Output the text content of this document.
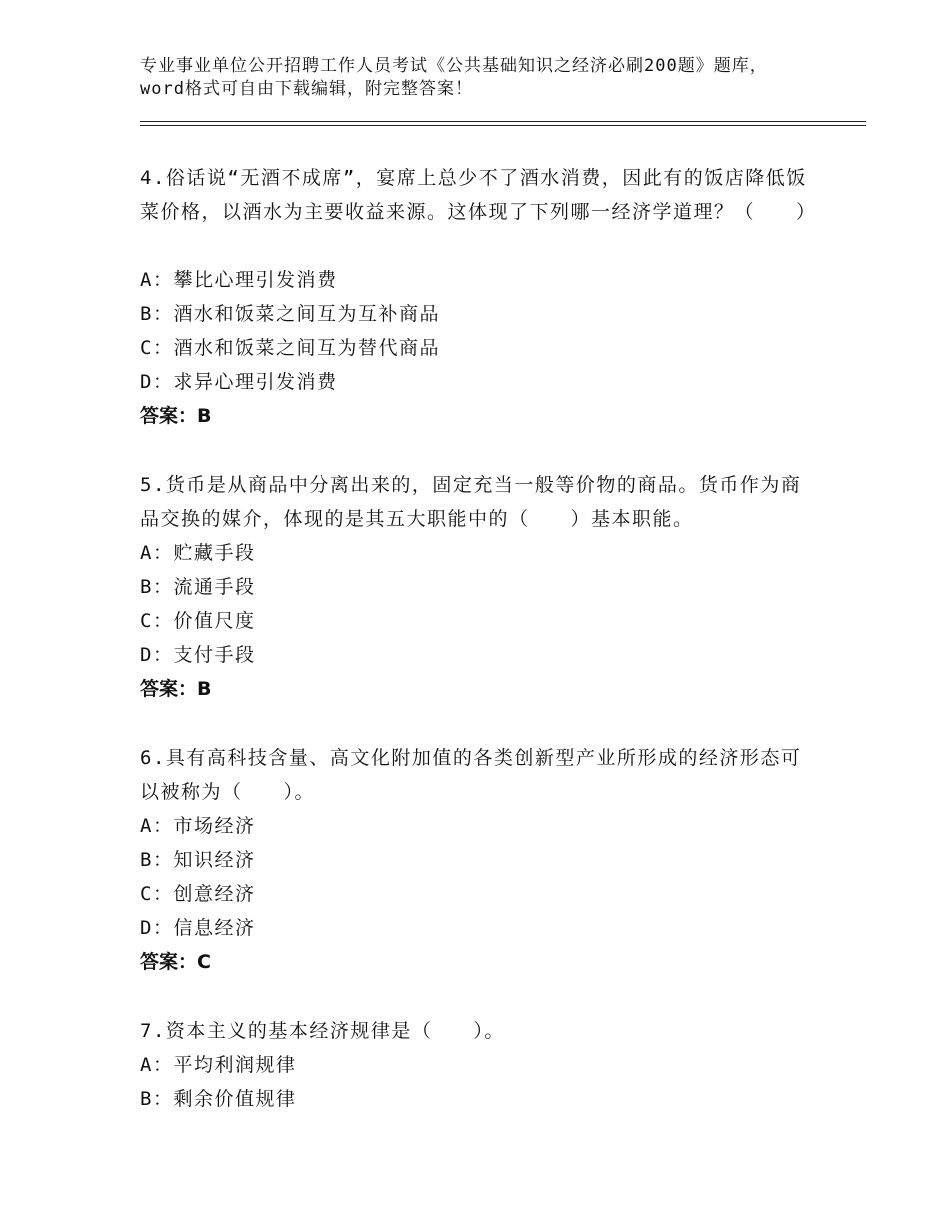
专业事业单位公开招聘工作人员考试《公共基础知识之经济必刷200题》题库，word格式可自由下载编辑，附完整答案！
4.俗话说“无酒不成席”，宴席上总少不了酒水消费，因此有的饭店降低饭菜价格，以酒水为主要收益来源。这体现了下列哪一经济学道理？（　　）
A：攀比心理引发消费
B：酒水和饭菜之间互为互补商品
C：酒水和饭菜之间互为替代商品
D：求异心理引发消费
答案：B
5.货币是从商品中分离出来的，固定充当一般等价物的商品。货币作为商品交换的媒介，体现的是其五大职能中的（　　）基本职能。
A：贮藏手段
B：流通手段
C：价值尺度
D：支付手段
答案：B
6.具有高科技含量、高文化附加值的各类创新型产业所形成的经济形态可以被称为（　　）。
A：市场经济
B：知识经济
C：创意经济
D：信息经济
答案：C
7.资本主义的基本经济规律是（　　）。
A：平均利润规律
B：剩余价值规律
